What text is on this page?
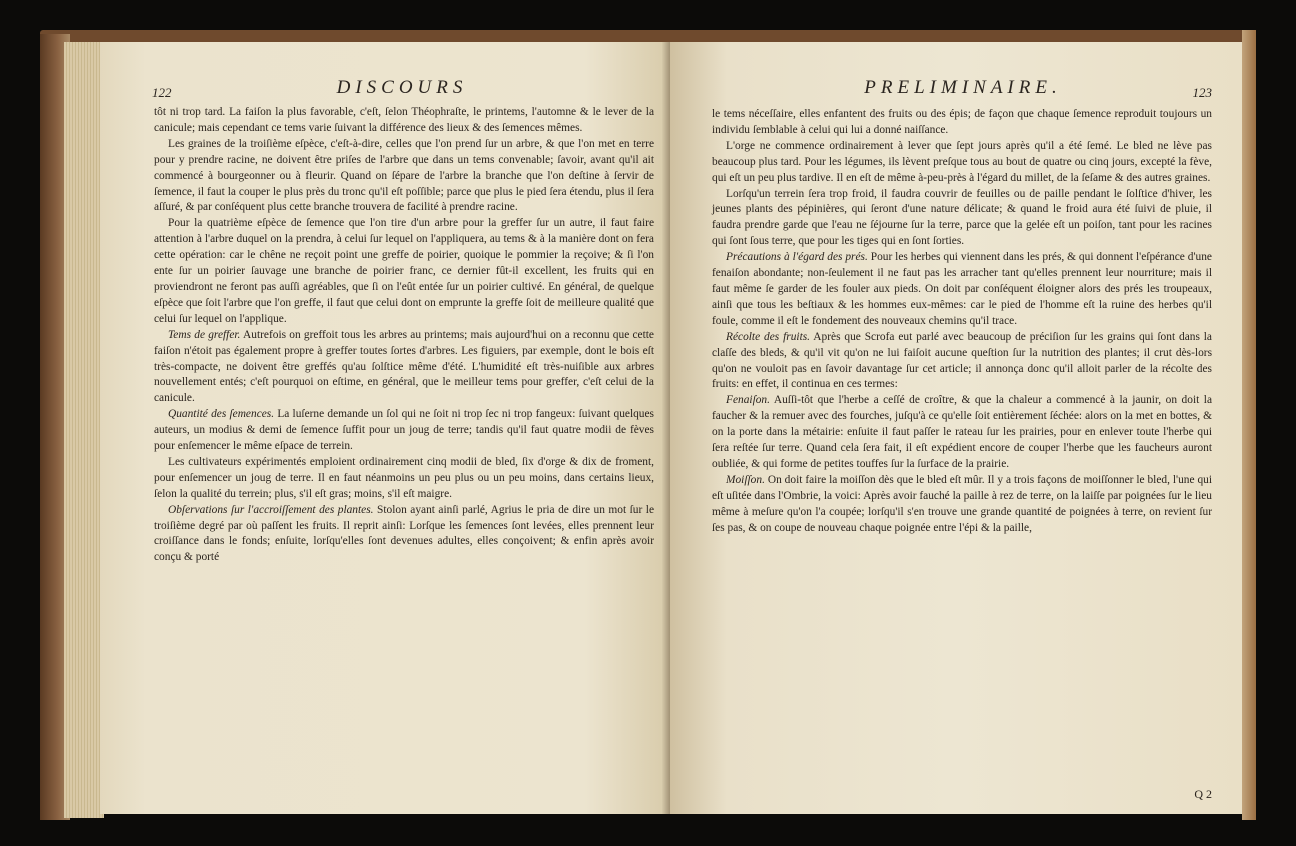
122	DISCOURS

tôt ni trop tard. La faiſon la plus favorable, c'eſt, ſelon Théophraſte, le printems, l'automne & le lever de la canicule; mais cependant ce tems varie ſuivant la différence des lieux & des ſemences mêmes.

Les graines de la troiſième eſpèce, c'eſt-à-dire, celles que l'on prend ſur un arbre, & que l'on met en terre pour y prendre racine, ne doivent être priſes de l'arbre que dans un tems convenable; ſavoir, avant qu'il ait commencé à bourgeonner ou à fleurir. Quand on ſépare de l'arbre la branche que l'on deſtine à ſervir de ſemence, il faut la couper le plus près du tronc qu'il eſt poſſible; parce que plus le pied ſera étendu, plus il ſera aſſuré, & par conſéquent plus cette branche trouvera de facilité à prendre racine.

Pour la quatrième eſpèce de ſemence que l'on tire d'un arbre pour la greffer ſur un autre, il faut faire attention à l'arbre duquel on la prendra, à celui ſur lequel on l'appliquera, au tems & à la manière dont on fera cette opération: car le chêne ne reçoit point une greffe de poirier, quoique le pommier la reçoive; & ſi l'on ente ſur un poirier ſauvage une branche de poirier franc, ce dernier fût-il excellent, les fruits qui en proviendront ne feront pas auſſi agréables, que ſi on l'eût entée ſur un poirier cultivé. En général, de quelque eſpèce que ſoit l'arbre que l'on greffe, il faut que celui dont on emprunte la greffe ſoit de meilleure qualité que celui ſur lequel on l'applique.

Tems de greffer. Autrefois on greffoit tous les arbres au printems; mais aujourd'hui on a reconnu que cette faiſon n'étoit pas également propre à greffer toutes ſortes d'arbres. Les figuiers, par exemple, dont le bois eſt très-compacte, ne doivent être greffés qu'au ſolſtice même d'été. L'humidité eſt très-nuiſible aux arbres nouvellement entés; c'eſt pourquoi on eſtime, en général, que le meilleur tems pour greffer, c'eſt celui de la canicule.

Quantité des ſemences. La luſerne demande un ſol qui ne ſoit ni trop ſec ni trop fangeux: ſuivant quelques auteurs, un modius & demi de ſemence ſuffit pour un joug de terre; tandis qu'il faut quatre modii de fèves pour enſemencer le même eſpace de terrein.

Les cultivateurs expérimentés emploient ordinairement cinq modii de bled, ſix d'orge & dix de froment, pour enſemencer un joug de terre. Il en faut néanmoins un peu plus ou un peu moins, dans certains lieux, ſelon la qualité du terrein; plus, s'il eſt gras; moins, s'il eſt maigre.

Obſervations ſur l'accroiſſement des plantes. Stolon ayant ainſi parlé, Agrius le pria de dire un mot ſur le troiſième degré par où paſſent les fruits. Il reprit ainſi: Lorſque les ſemences ſont levées, elles prennent leur croiſſance dans le fonds; enſuite, lorſqu'elles ſont devenues adultes, elles conçoivent; & enfin après avoir conçu & porté

PRELIMINAIRE.	123

le tems néceſſaire, elles enfantent des fruits ou des épis; de façon que chaque ſemence reproduit toujours un individu ſemblable à celui qui lui a donné naiſſance.

L'orge ne commence ordinairement à lever que ſept jours après qu'il a été ſemé. Le bled ne lève pas beaucoup plus tard. Pour les légumes, ils lèvent preſque tous au bout de quatre ou cinq jours, excepté la fève, qui eſt un peu plus tardive. Il en eſt de même à-peu-près à l'égard du millet, de la ſeſame & des autres graines.

Lorſqu'un terrein ſera trop froid, il faudra couvrir de feuilles ou de paille pendant le ſolſtice d'hiver, les jeunes plants des pépinières, qui ſeront d'une nature délicate; & quand le froid aura été ſuivi de pluie, il faudra prendre garde que l'eau ne ſéjourne ſur la terre, parce que la gelée eſt un poiſon, tant pour les racines qui ſont ſous terre, que pour les tiges qui en ſont ſorties.

Précautions à l'égard des prés. Pour les herbes qui viennent dans les prés, & qui donnent l'eſpérance d'une fenaiſon abondante; non-ſeulement il ne faut pas les arracher tant qu'elles prennent leur nourriture; mais il faut même ſe garder de les fouler aux pieds. On doit par conſéquent éloigner alors des prés les troupeaux, ainſi que tous les beſtiaux & les hommes eux-mêmes: car le pied de l'homme eſt la ruine des herbes qu'il foule, comme il eſt le fondement des nouveaux chemins qu'il trace.

Récolte des fruits. Après que Scrofa eut parlé avec beaucoup de préciſion ſur les grains qui ſont dans la claſſe des bleds, & qu'il vit qu'on ne lui faiſoit aucune queſtion ſur la nutrition des plantes; il crut dès-lors qu'on ne vouloit pas en ſavoir davantage ſur cet article; il annonça donc qu'il alloit parler de la récolte des fruits: en effet, il continua en ces termes:

Fenaiſon. Auſſi-tôt que l'herbe a ceſſé de croître, & que la chaleur a commencé à la jaunir, on doit la faucher & la remuer avec des fourches, juſqu'à ce qu'elle ſoit entièrement ſéchée: alors on la met en bottes, & on la porte dans la métairie: enſuite il faut paſſer le rateau ſur les prairies, pour en enlever toute l'herbe qui ſera reſtée ſur terre. Quand cela ſera fait, il eſt expédient encore de couper l'herbe que les faucheurs auront oubliée, & qui forme de petites touffes ſur la ſurface de la prairie.

Moiſſon. On doit faire la moiſſon dès que le bled eſt mûr. Il y a trois façons de moiſſonner le bled, l'une qui eſt uſitée dans l'Ombrie, la voici: Après avoir fauché la paille à rez de terre, on la laiſſe par poignées ſur le lieu même à meſure qu'on l'a coupée; lorſqu'il s'en trouve une grande quantité de poignées à terre, on revient ſur ſes pas, & on coupe de nouveau chaque poignée entre l'épi & la paille,

Q 2
